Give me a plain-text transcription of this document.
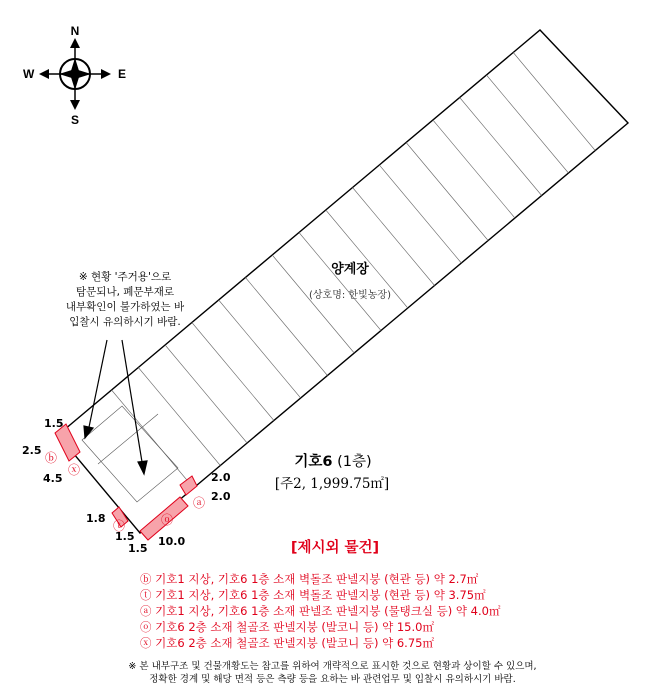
N
S
E
W
1.5
2.5
4.5	2.0
2.0
1.8
1.5
1.5
10.0
ⓑ
ⓧ
ⓐ
ⓞ
ⓣ
※ 현황 '주거용'으로
탐문되나, 폐문부재로
내부확인이 불가하였는 바
입찰시 유의하시기 바람.
양계장
(상호명: 한빛농장)
기호6 (1층)
[주2, 1,999.75㎡]
[제시외 물건]
ⓑ 기호1 지상, 기호6 1층 소재 벽돌조 판넬지붕 (현관 등) 약 2.7㎡
ⓣ 기호1 지상, 기호6 1층 소재 벽돌조 판넬지붕 (현관 등) 약 3.75㎡
ⓐ 기호1 지상, 기호6 1층 소재 판넬조 판넬지붕 (물탱크실 등) 약 4.0㎡
ⓞ 기호6 2층 소재 철골조 판넬지붕 (발코니 등) 약 15.0㎡
ⓧ 기호6 2층 소재 철골조 판넬지붕 (발코니 등) 약 6.75㎡
※ 본 내부구조 및 건물개황도는 참고를 위하여 개략적으로 표시한 것으로 현황과 상이할 수 있으며,
정확한 경계 및 해당 면적 등은 측량 등을 요하는 바 관련업무 및 입찰시 유의하시기 바람.
